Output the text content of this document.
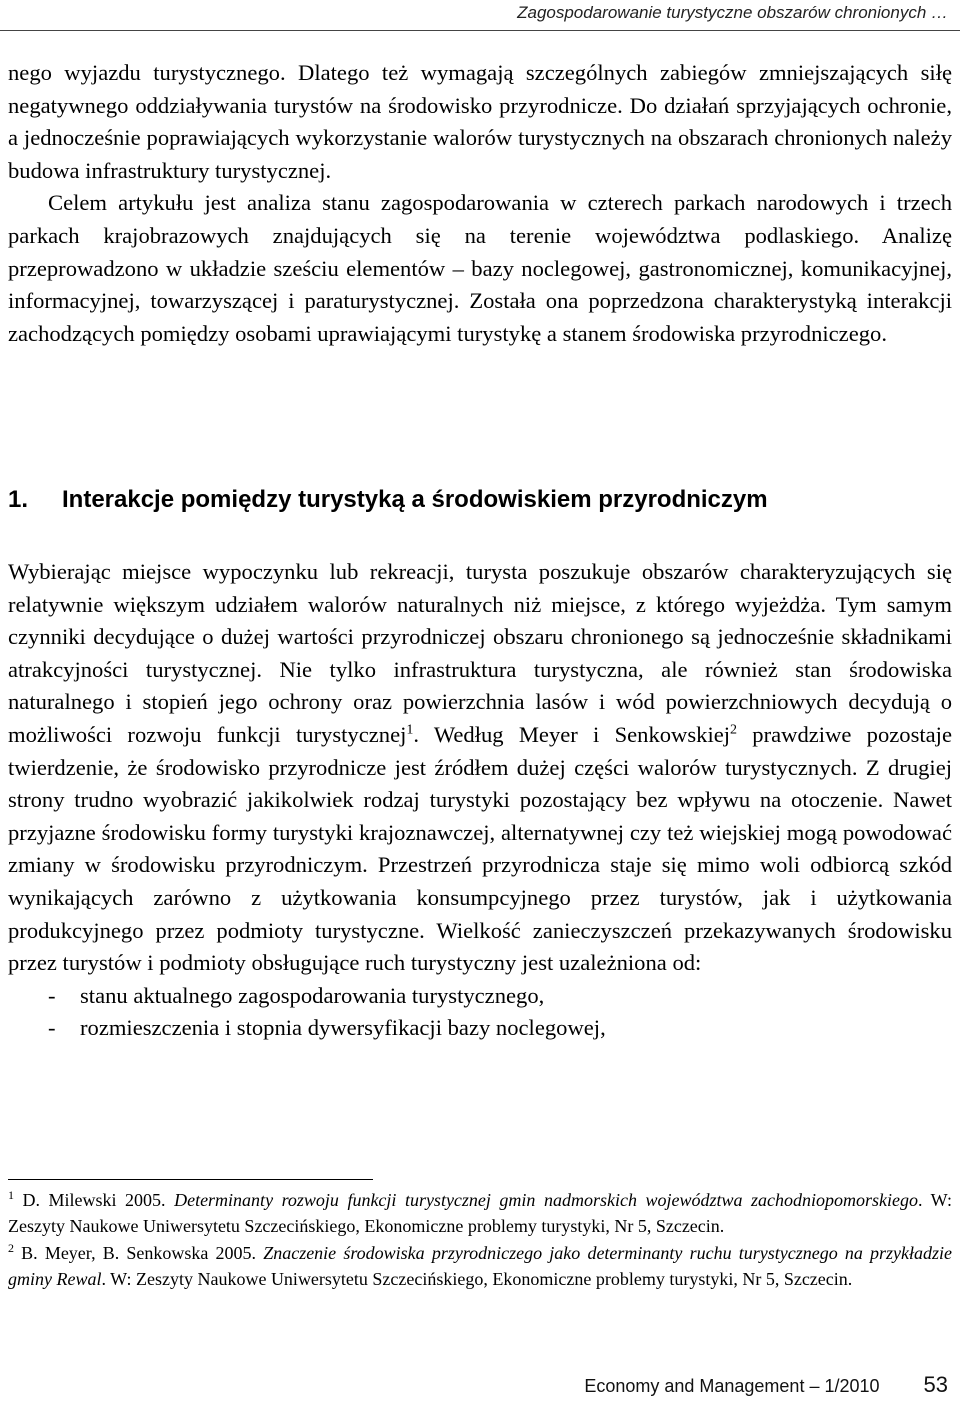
Zagospodarowanie turystyczne obszarów chronionych …

nego wyjazdu turystycznego. Dlatego też wymagają szczególnych zabiegów zmniejszających siłę negatywnego oddziaływania turystów na środowisko przyrodnicze. Do działań sprzyjających ochronie, a jednocześnie poprawiających wykorzystanie walorów turystycznych na obszarach chronionych należy budowa infrastruktury turystycznej.

Celem artykułu jest analiza stanu zagospodarowania w czterech parkach narodowych i trzech parkach krajobrazowych znajdujących się na terenie województwa podlaskiego. Analizę przeprowadzono w układzie sześciu elementów – bazy noclegowej, gastronomicznej, komunikacyjnej, informacyjnej, towarzyszącej i paraturystycznej. Została ona poprzedzona charakterystyką interakcji zachodzących pomiędzy osobami uprawiającymi turystykę a stanem środowiska przyrodniczego.

1. Interakcje pomiędzy turystyką a środowiskiem przyrodniczym

Wybierając miejsce wypoczynku lub rekreacji, turysta poszukuje obszarów charakteryzujących się relatywnie większym udziałem walorów naturalnych niż miejsce, z którego wyjeżdża. Tym samym czynniki decydujące o dużej wartości przyrodniczej obszaru chronionego są jednocześnie składnikami atrakcyjności turystycznej. Nie tylko infrastruktura turystyczna, ale również stan środowiska naturalnego i stopień jego ochrony oraz powierzchnia lasów i wód powierzchniowych decydują o możliwości rozwoju funkcji turystycznej$^1$. Według Meyer i Senkowskiej$^2$ prawdziwe pozostaje twierdzenie, że środowisko przyrodnicze jest źródłem dużej części walorów turystycznych. Z drugiej strony trudno wyobrazić jakikolwiek rodzaj turystyki pozostający bez wpływu na otoczenie. Nawet przyjazne środowisku formy turystyki krajoznawczej, alternatywnej czy też wiejskiej mogą powodować zmiany w środowisku przyrodniczym. Przestrzeń przyrodnicza staje się mimo woli odbiorcą szkód wynikających zarówno z użytkowania konsumpcyjnego przez turystów, jak i użytkowania produkcyjnego przez podmioty turystyczne. Wielkość zanieczyszczeń przekazywanych środowisku przez turystów i podmioty obsługujące ruch turystyczny jest uzależniona od:

- stanu aktualnego zagospodarowania turystycznego,
- rozmieszczenia i stopnia dywersyfikacji bazy noclegowej,

$^1$ D. Milewski 2005. Determinanty rozwoju funkcji turystycznej gmin nadmorskich województwa zachodniopomorskiego. W: Zeszyty Naukowe Uniwersytetu Szczecińskiego, Ekonomiczne problemy turystyki, Nr 5, Szczecin.

$^2$ B. Meyer, B. Senkowska 2005. Znaczenie środowiska przyrodniczego jako determinanty ruchu turystycznego na przykładzie gminy Rewal. W: Zeszyty Naukowe Uniwersytetu Szczecińskiego, Ekonomiczne problemy turystyki, Nr 5, Szczecin.

Economy and Management – 1/2010 53
